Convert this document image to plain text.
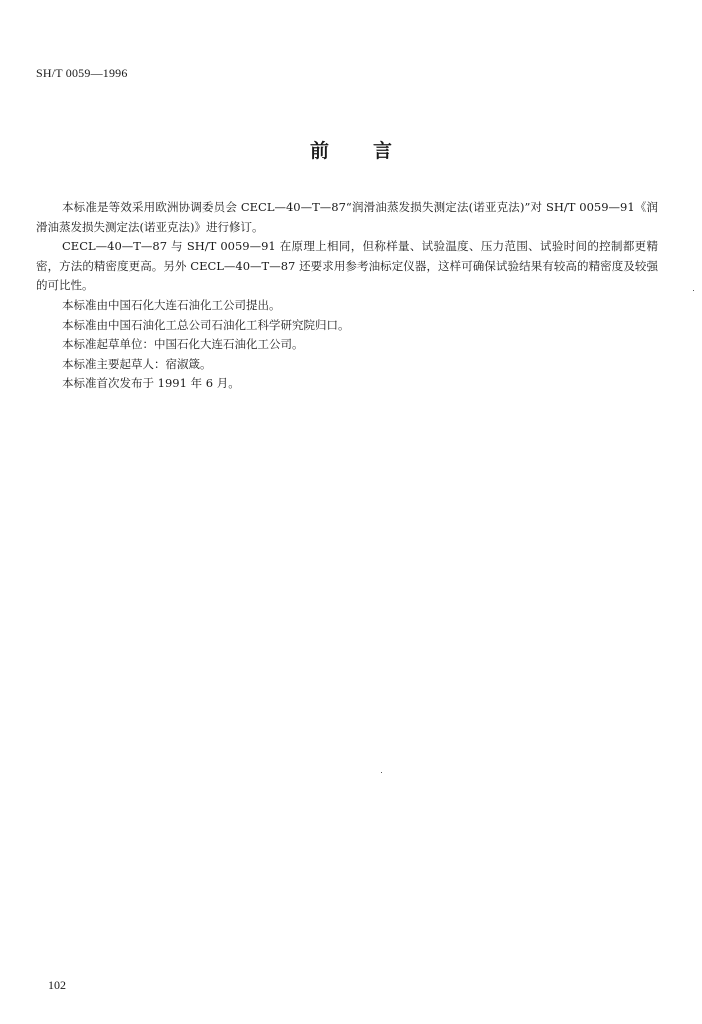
SH/T 0059—1996
前言

本标准是等效采用欧洲协调委员会 CECL—40—T—87“润滑油蒸发损失测定法(诺亚克法)”对 SH/T 0059—91《润滑油蒸发损失测定法(诺亚克法)》进行修订。

CECL—40—T—87 与 SH/T 0059—91 在原理上相同，但称样量、试验温度、压力范围、试验时间的控制都更精密，方法的精密度更高。另外 CECL—40—T—87 还要求用参考油标定仪器，这样可确保试验结果有较高的精密度及较强的可比性。

本标准由中国石化大连石油化工公司提出。

本标准由中国石油化工总公司石油化工科学研究院归口。

本标准起草单位：中国石化大连石油化工公司。

本标准主要起草人：宿淑箴。

本标准首次发布于 1991 年 6 月。

102
